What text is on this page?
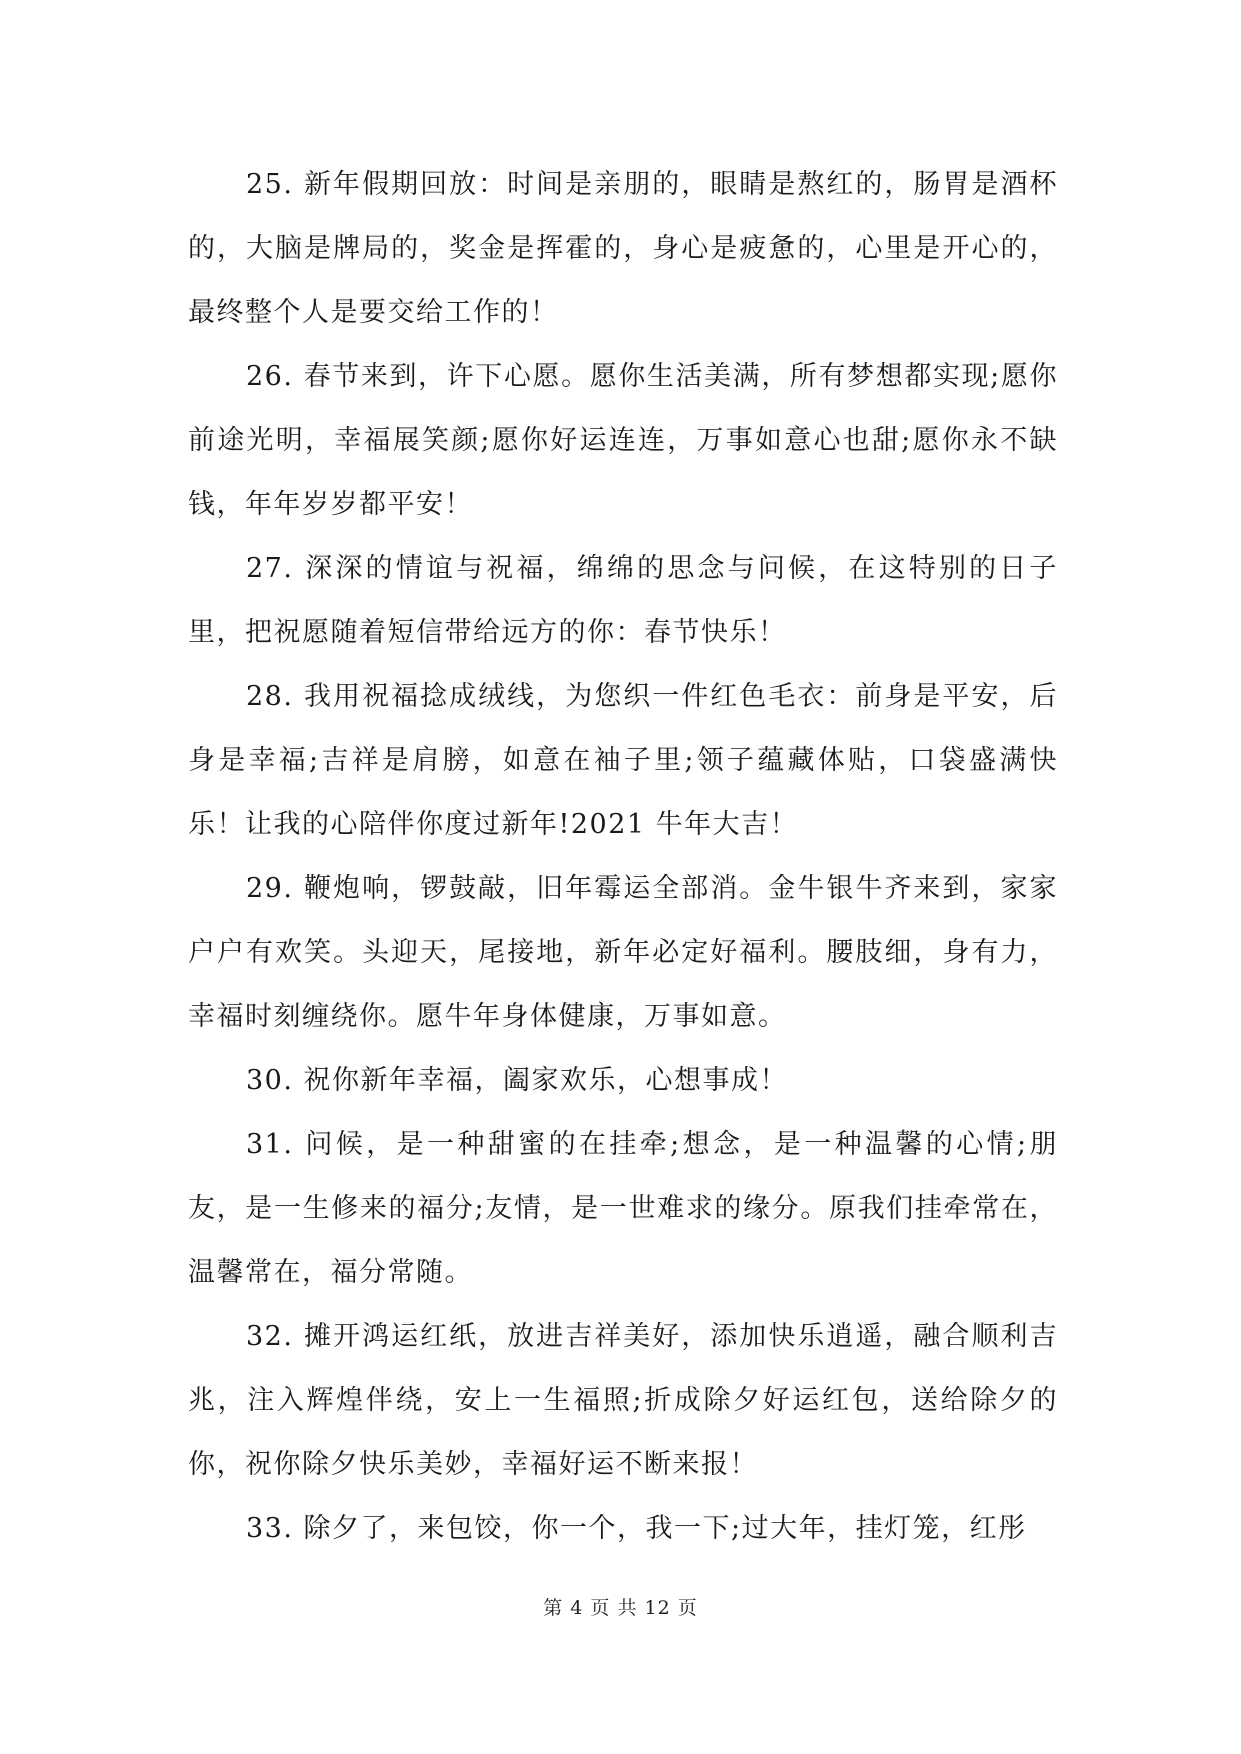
25. 新年假期回放：时间是亲朋的，眼睛是熬红的，肠胃是酒杯的，大脑是牌局的，奖金是挥霍的，身心是疲惫的，心里是开心的，最终整个人是要交给工作的！

26. 春节来到，许下心愿。愿你生活美满，所有梦想都实现;愿你前途光明，幸福展笑颜;愿你好运连连，万事如意心也甜;愿你永不缺钱，年年岁岁都平安！

27. 深深的情谊与祝福，绵绵的思念与问候，在这特别的日子里，把祝愿随着短信带给远方的你：春节快乐！

28. 我用祝福捻成绒线，为您织一件红色毛衣：前身是平安，后身是幸福;吉祥是肩膀，如意在袖子里;领子蕴藏体贴，口袋盛满快乐！让我的心陪伴你度过新年!2021 牛年大吉！

29. 鞭炮响，锣鼓敲，旧年霉运全部消。金牛银牛齐来到，家家户户有欢笑。头迎天，尾接地，新年必定好福利。腰肢细，身有力，幸福时刻缠绕你。愿牛年身体健康，万事如意。

30. 祝你新年幸福，阖家欢乐，心想事成！

31. 问候，是一种甜蜜的在挂牵;想念，是一种温馨的心情;朋友，是一生修来的福分;友情，是一世难求的缘分。原我们挂牵常在，温馨常在，福分常随。

32. 摊开鸿运红纸，放进吉祥美好，添加快乐逍遥，融合顺利吉兆，注入辉煌伴绕，安上一生福照;折成除夕好运红包，送给除夕的你，祝你除夕快乐美妙，幸福好运不断来报！

33. 除夕了，来包饺，你一个，我一下;过大年，挂灯笼，红彤

第 4 页 共 12 页
